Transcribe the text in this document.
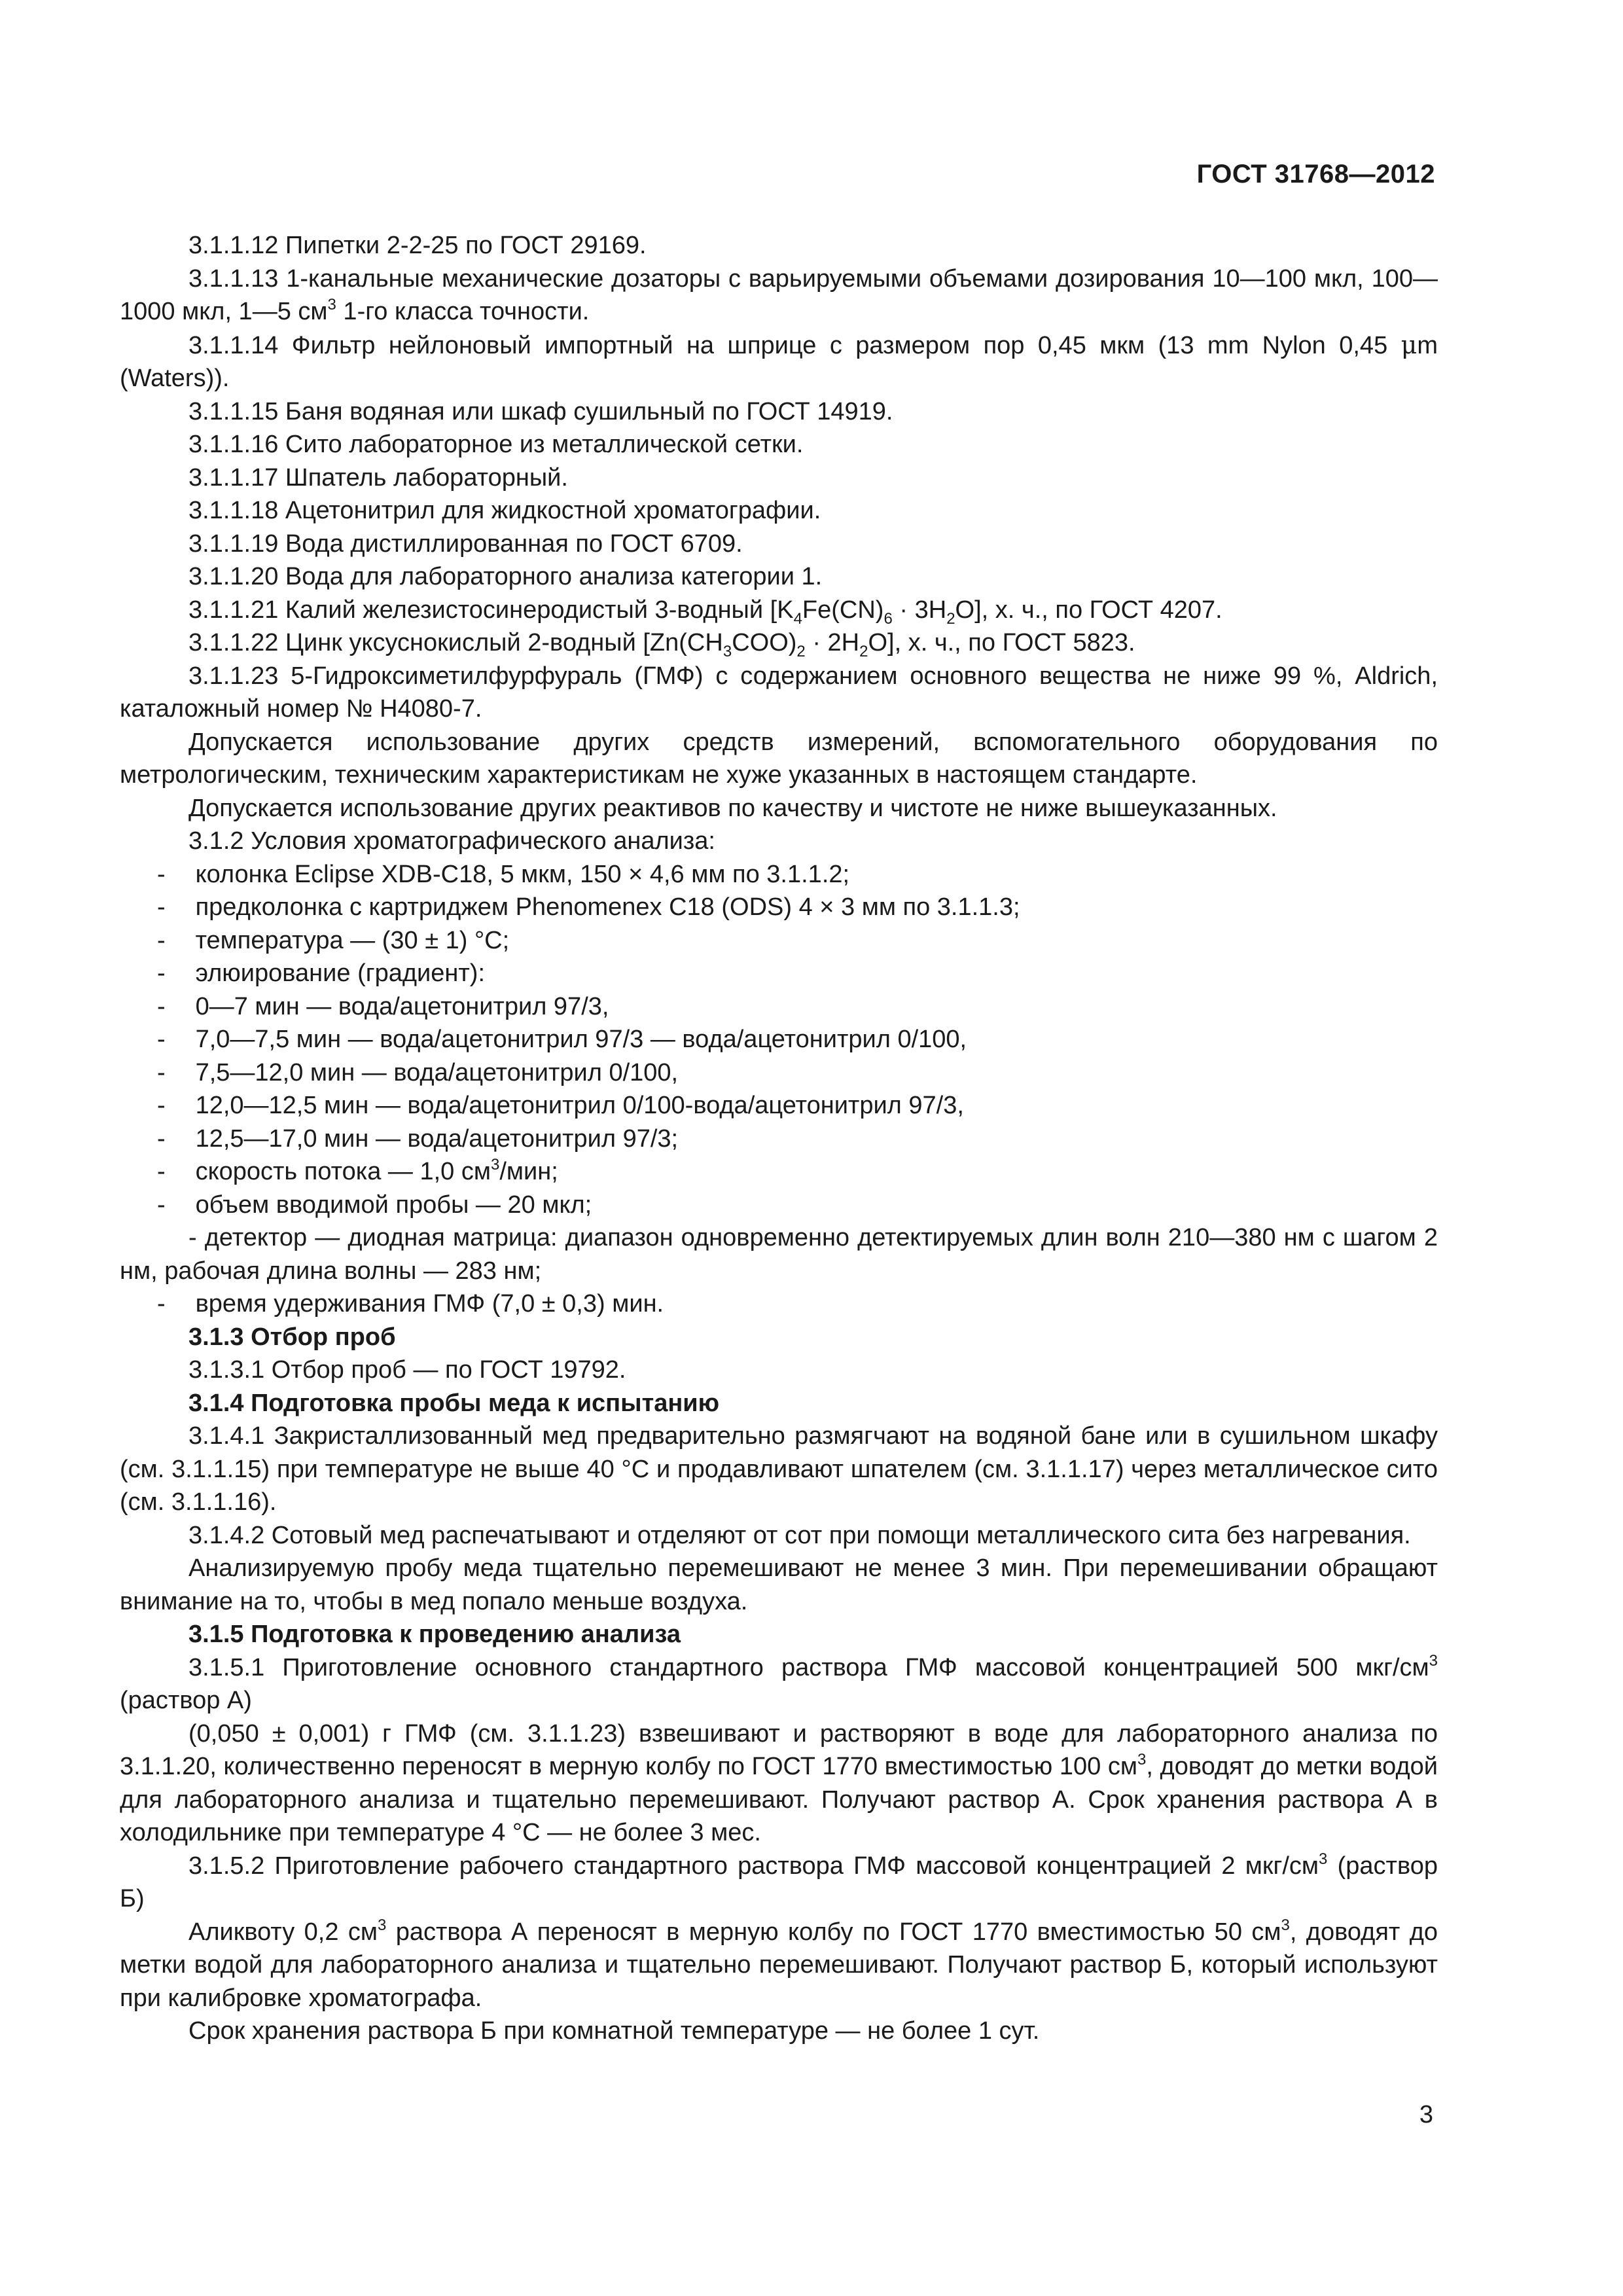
ГОСТ 31768—2012

3.1.1.12 Пипетки 2-2-25 по ГОСТ 29169.

3.1.1.13 1-канальные механические дозаторы с варьируемыми объемами дозирования 10—100 мкл, 100—1000 мкл, 1—5 $см^3$ 1-го класса точности.

3.1.1.14 Фильтр нейлоновый импортный на шприце с размером пор 0,45 мкм (13 mm Nylon 0,45 μm (Waters)).

3.1.1.15 Баня водяная или шкаф сушильный по ГОСТ 14919.

3.1.1.16 Сито лабораторное из металлической сетки.

3.1.1.17 Шпатель лабораторный.

3.1.1.18 Ацетонитрил для жидкостной хроматографии.

3.1.1.19 Вода дистиллированная по ГОСТ 6709.

3.1.1.20 Вода для лабораторного анализа категории 1.

3.1.1.21 Калий железистосинеродистый 3-водный $[K_4Fe(CN)_6 \cdot 3H_2O]$, х. ч., по ГОСТ 4207.

3.1.1.22 Цинк уксуснокислый 2-водный $[Zn(CH_3COO)_2 \cdot 2H_2O]$, х. ч., по ГОСТ 5823.

3.1.1.23 5-Гидроксиметилфурфураль (ГМФ) с содержанием основного вещества не ниже 99 %, Aldrich, каталожный номер № H4080-7.

Допускается использование других средств измерений, вспомогательного оборудования по метрологическим, техническим характеристикам не хуже указанных в настоящем стандарте.

Допускается использование других реактивов по качеству и чистоте не ниже вышеуказанных.

3.1.2 Условия хроматографического анализа:

- колонка Eclipse XDB-C18, 5 мкм, 150 × 4,6 мм по 3.1.1.2;

- предколонка с картриджем Phenomenex C18 (ODS) 4 × 3 мм по 3.1.1.3;

- температура — (30 ± 1) °C;

- элюирование (градиент):

- 0—7 мин — вода/ацетонитрил 97/3,

- 7,0—7,5 мин — вода/ацетонитрил 97/3 — вода/ацетонитрил 0/100,

- 7,5—12,0 мин — вода/ацетонитрил 0/100,

- 12,0—12,5 мин — вода/ацетонитрил 0/100-вода/ацетонитрил 97/3,

- 12,5—17,0 мин — вода/ацетонитрил 97/3;

- скорость потока — 1,0 $см^3$/мин;

- объем вводимой пробы — 20 мкл;

- детектор — диодная матрица: диапазон одновременно детектируемых длин волн 210—380 нм с шагом 2 нм, рабочая длина волны — 283 нм;

- время удерживания ГМФ (7,0 ± 0,3) мин.

3.1.3 Отбор проб

3.1.3.1 Отбор проб — по ГОСТ 19792.

3.1.4 Подготовка пробы меда к испытанию

3.1.4.1 Закристаллизованный мед предварительно размягчают на водяной бане или в сушильном шкафу (см. 3.1.1.15) при температуре не выше 40 °C и продавливают шпателем (см. 3.1.1.17) через металлическое сито (см. 3.1.1.16).

3.1.4.2 Сотовый мед распечатывают и отделяют от сот при помощи металлического сита без нагревания.

Анализируемую пробу меда тщательно перемешивают не менее 3 мин. При перемешивании обращают внимание на то, чтобы в мед попало меньше воздуха.

3.1.5 Подготовка к проведению анализа

3.1.5.1 Приготовление основного стандартного раствора ГМФ массовой концентрацией 500 мкг/$см^3$ (раствор А)

(0,050 ± 0,001) г ГМФ (см. 3.1.1.23) взвешивают и растворяют в воде для лабораторного анализа по 3.1.1.20, количественно переносят в мерную колбу по ГОСТ 1770 вместимостью 100 $см^3$, доводят до метки водой для лабораторного анализа и тщательно перемешивают. Получают раствор А. Срок хранения раствора А в холодильнике при температуре 4 °C — не более 3 мес.

3.1.5.2 Приготовление рабочего стандартного раствора ГМФ массовой концентрацией 2 мкг/$см^3$ (раствор Б)

Аликвоту 0,2 $см^3$ раствора А переносят в мерную колбу по ГОСТ 1770 вместимостью 50 $см^3$, доводят до метки водой для лабораторного анализа и тщательно перемешивают. Получают раствор Б, который используют при калибровке хроматографа.

Срок хранения раствора Б при комнатной температуре — не более 1 сут.

3
